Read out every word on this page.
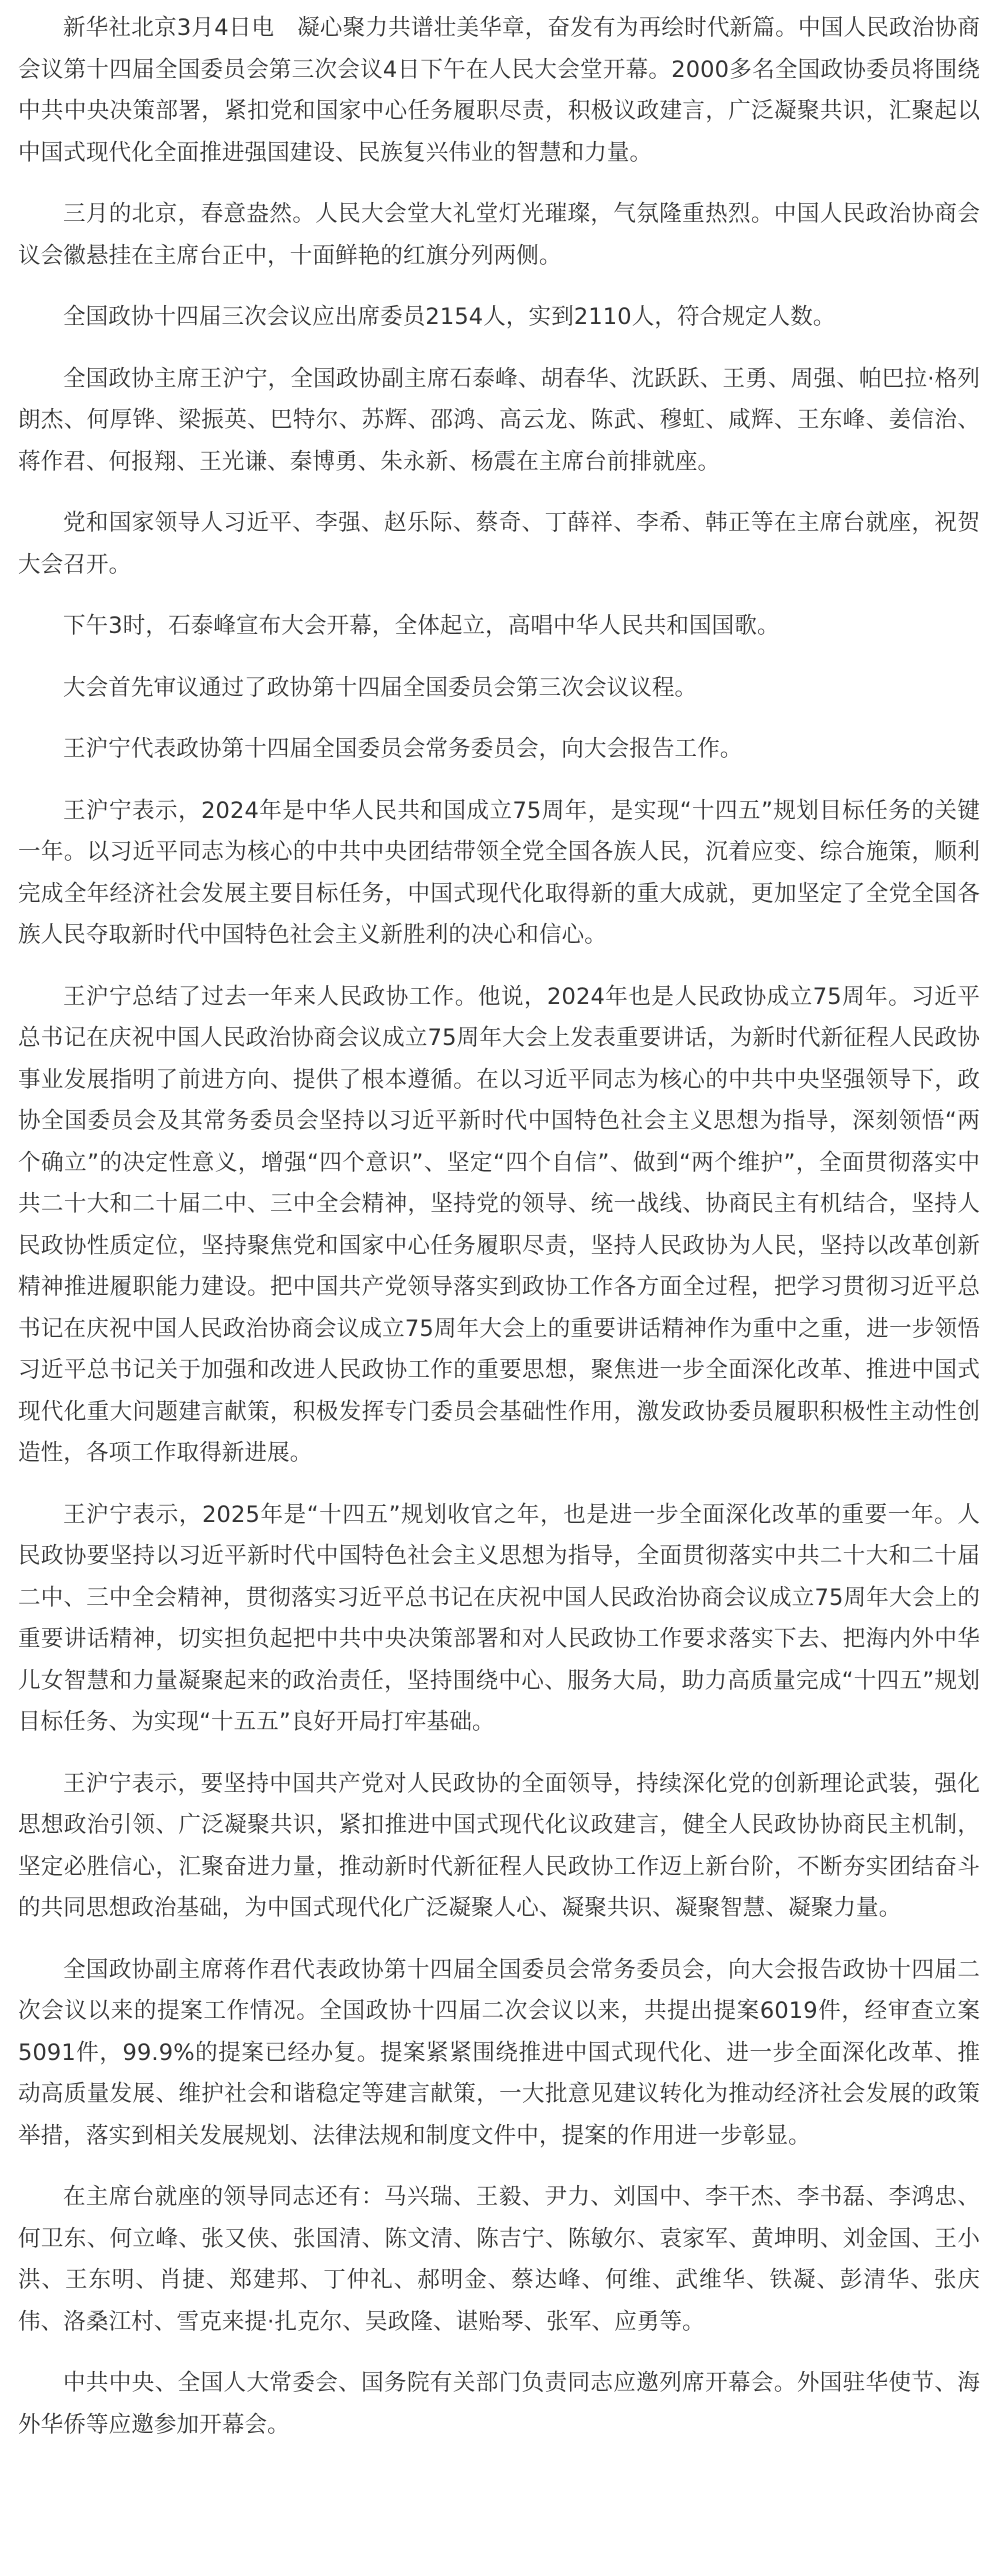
新华社北京3月4日电　凝心聚力共谱壮美华章，奋发有为再绘时代新篇。中国人民政治协商会议第十四届全国委员会第三次会议4日下午在人民大会堂开幕。2000多名全国政协委员将围绕中共中央决策部署，紧扣党和国家中心任务履职尽责，积极议政建言，广泛凝聚共识，汇聚起以中国式现代化全面推进强国建设、民族复兴伟业的智慧和力量。

三月的北京，春意盎然。人民大会堂大礼堂灯光璀璨，气氛隆重热烈。中国人民政治协商会议会徽悬挂在主席台正中，十面鲜艳的红旗分列两侧。

全国政协十四届三次会议应出席委员2154人，实到2110人，符合规定人数。

全国政协主席王沪宁，全国政协副主席石泰峰、胡春华、沈跃跃、王勇、周强、帕巴拉·格列朗杰、何厚铧、梁振英、巴特尔、苏辉、邵鸿、高云龙、陈武、穆虹、咸辉、王东峰、姜信治、蒋作君、何报翔、王光谦、秦博勇、朱永新、杨震在主席台前排就座。

党和国家领导人习近平、李强、赵乐际、蔡奇、丁薛祥、李希、韩正等在主席台就座，祝贺大会召开。

下午3时，石泰峰宣布大会开幕，全体起立，高唱中华人民共和国国歌。

大会首先审议通过了政协第十四届全国委员会第三次会议议程。

王沪宁代表政协第十四届全国委员会常务委员会，向大会报告工作。

王沪宁表示，2024年是中华人民共和国成立75周年，是实现“十四五”规划目标任务的关键一年。以习近平同志为核心的中共中央团结带领全党全国各族人民，沉着应变、综合施策，顺利完成全年经济社会发展主要目标任务，中国式现代化取得新的重大成就，更加坚定了全党全国各族人民夺取新时代中国特色社会主义新胜利的决心和信心。

王沪宁总结了过去一年来人民政协工作。他说，2024年也是人民政协成立75周年。习近平总书记在庆祝中国人民政治协商会议成立75周年大会上发表重要讲话，为新时代新征程人民政协事业发展指明了前进方向、提供了根本遵循。在以习近平同志为核心的中共中央坚强领导下，政协全国委员会及其常务委员会坚持以习近平新时代中国特色社会主义思想为指导，深刻领悟“两个确立”的决定性意义，增强“四个意识”、坚定“四个自信”、做到“两个维护”，全面贯彻落实中共二十大和二十届二中、三中全会精神，坚持党的领导、统一战线、协商民主有机结合，坚持人民政协性质定位，坚持聚焦党和国家中心任务履职尽责，坚持人民政协为人民，坚持以改革创新精神推进履职能力建设。把中国共产党领导落实到政协工作各方面全过程，把学习贯彻习近平总书记在庆祝中国人民政治协商会议成立75周年大会上的重要讲话精神作为重中之重，进一步领悟习近平总书记关于加强和改进人民政协工作的重要思想，聚焦进一步全面深化改革、推进中国式现代化重大问题建言献策，积极发挥专门委员会基础性作用，激发政协委员履职积极性主动性创造性，各项工作取得新进展。

王沪宁表示，2025年是“十四五”规划收官之年，也是进一步全面深化改革的重要一年。人民政协要坚持以习近平新时代中国特色社会主义思想为指导，全面贯彻落实中共二十大和二十届二中、三中全会精神，贯彻落实习近平总书记在庆祝中国人民政治协商会议成立75周年大会上的重要讲话精神，切实担负起把中共中央决策部署和对人民政协工作要求落实下去、把海内外中华儿女智慧和力量凝聚起来的政治责任，坚持围绕中心、服务大局，助力高质量完成“十四五”规划目标任务、为实现“十五五”良好开局打牢基础。

王沪宁表示，要坚持中国共产党对人民政协的全面领导，持续深化党的创新理论武装，强化思想政治引领、广泛凝聚共识，紧扣推进中国式现代化议政建言，健全人民政协协商民主机制，坚定必胜信心，汇聚奋进力量，推动新时代新征程人民政协工作迈上新台阶，不断夯实团结奋斗的共同思想政治基础，为中国式现代化广泛凝聚人心、凝聚共识、凝聚智慧、凝聚力量。

全国政协副主席蒋作君代表政协第十四届全国委员会常务委员会，向大会报告政协十四届二次会议以来的提案工作情况。全国政协十四届二次会议以来，共提出提案6019件，经审查立案5091件，99.9%的提案已经办复。提案紧紧围绕推进中国式现代化、进一步全面深化改革、推动高质量发展、维护社会和谐稳定等建言献策，一大批意见建议转化为推动经济社会发展的政策举措，落实到相关发展规划、法律法规和制度文件中，提案的作用进一步彰显。

在主席台就座的领导同志还有：马兴瑞、王毅、尹力、刘国中、李干杰、李书磊、李鸿忠、何卫东、何立峰、张又侠、张国清、陈文清、陈吉宁、陈敏尔、袁家军、黄坤明、刘金国、王小洪、王东明、肖捷、郑建邦、丁仲礼、郝明金、蔡达峰、何维、武维华、铁凝、彭清华、张庆伟、洛桑江村、雪克来提·扎克尔、吴政隆、谌贻琴、张军、应勇等。

中共中央、全国人大常委会、国务院有关部门负责同志应邀列席开幕会。外国驻华使节、海外华侨等应邀参加开幕会。
